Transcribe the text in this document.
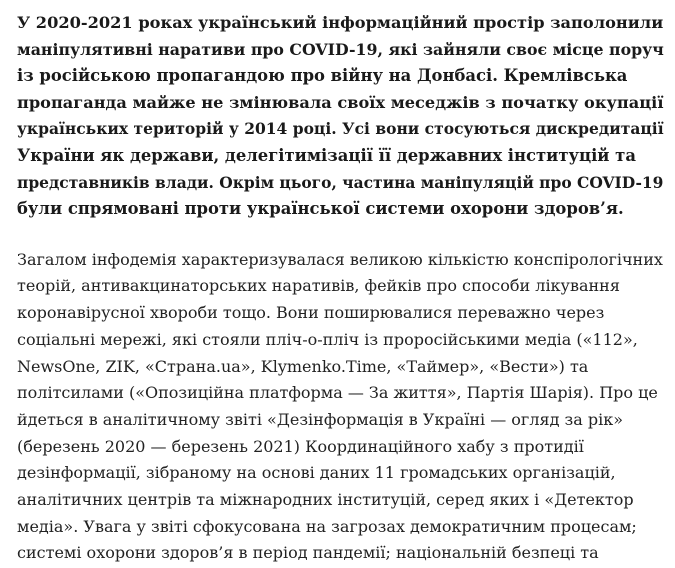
У 2020-2021 роках український інформаційний простір заполонили
маніпулятивні наративи про COVID-19, які зайняли своє місце поруч
із російською пропагандою про війну на Донбасі. Кремлівська
пропаганда майже не змінювала своїх меседжів з початку окупації
українських територій у 2014 році. Усі вони стосуються дискредитації
України як держави, делегітимізації її державних інституцій та
представників влади. Окрім цього, частина маніпуляцій про COVID-19
були спрямовані проти української системи охорони здоров’я.

Загалом інфодемія характеризувалася великою кількістю конспірологічних
теорій, антивакцинаторських наративів, фейків про способи лікування
коронавірусної хвороби тощо. Вони поширювалися переважно через
соціальні мережі, які стояли пліч-о-пліч із проросійськими медіа («112»,
NewsOne, ZIK, «Страна.ua», Klymenko.Time, «Таймер», «Вести») та
політсилами («Опозиційна платформа — За життя», Партія Шарія). Про це
йдеться в аналітичному звіті «Дезінформація в Україні — огляд за рік»
(березень 2020 — березень 2021) Координаційного хабу з протидії
дезінформації, зібраному на основі даних 11 громадських організацій,
аналітичних центрів та міжнародних інституцій, серед яких і «Детектор
медіа». Увага у звіті сфокусована на загрозах демократичним процесам;
системі охорони здоров’я в період пандемії; національній безпеці та
